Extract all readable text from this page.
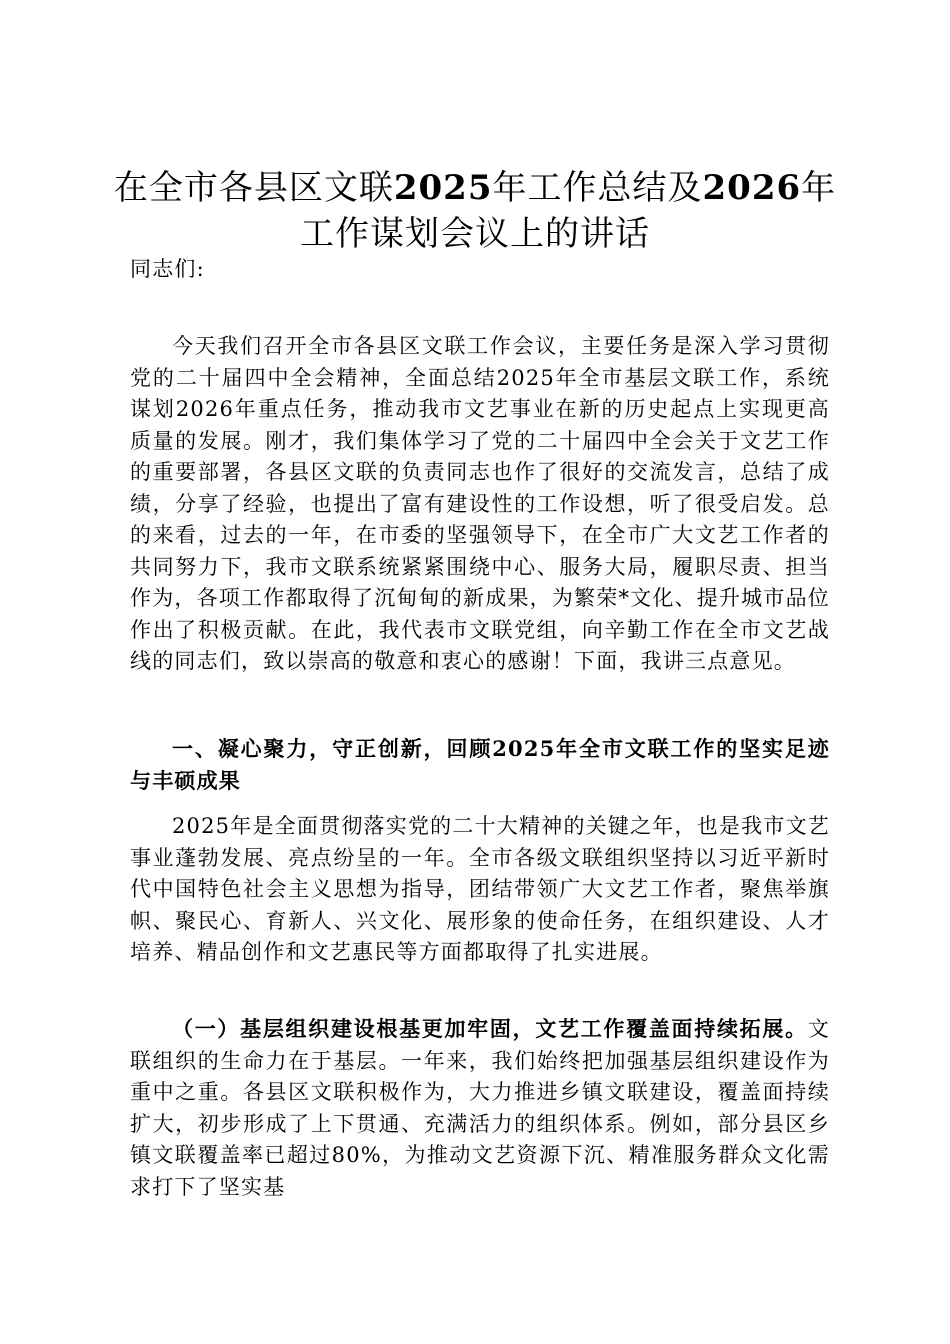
在全市各县区文联2025年工作总结及2026年
工作谋划会议上的讲话

同志们:

今天我们召开全市各县区文联工作会议，主要任务是深入学习贯彻党的二十届四中全会精神，全面总结2025年全市基层文联工作，系统谋划2026年重点任务，推动我市文艺事业在新的历史起点上实现更高质量的发展。刚才，我们集体学习了党的二十届四中全会关于文艺工作的重要部署，各县区文联的负责同志也作了很好的交流发言，总结了成绩，分享了经验，也提出了富有建设性的工作设想，听了很受启发。总的来看，过去的一年，在市委的坚强领导下，在全市广大文艺工作者的共同努力下，我市文联系统紧紧围绕中心、服务大局，履职尽责、担当作为，各项工作都取得了沉甸甸的新成果，为繁荣*文化、提升城市品位作出了积极贡献。在此，我代表市文联党组，向辛勤工作在全市文艺战线的同志们，致以崇高的敬意和衷心的感谢！下面，我讲三点意见。

一、凝心聚力，守正创新，回顾2025年全市文联工作的坚实足迹与丰硕成果

2025年是全面贯彻落实党的二十大精神的关键之年，也是我市文艺事业蓬勃发展、亮点纷呈的一年。全市各级文联组织坚持以习近平新时代中国特色社会主义思想为指导，团结带领广大文艺工作者，聚焦举旗帜、聚民心、育新人、兴文化、展形象的使命任务，在组织建设、人才培养、精品创作和文艺惠民等方面都取得了扎实进展。

（一）基层组织建设根基更加牢固，文艺工作覆盖面持续拓展。文联组织的生命力在于基层。一年来，我们始终把加强基层组织建设作为重中之重。各县区文联积极作为，大力推进乡镇文联建设，覆盖面持续扩大，初步形成了上下贯通、充满活力的组织体系。例如，部分县区乡镇文联覆盖率已超过80%，为推动文艺资源下沉、精准服务群众文化需求打下了坚实基
